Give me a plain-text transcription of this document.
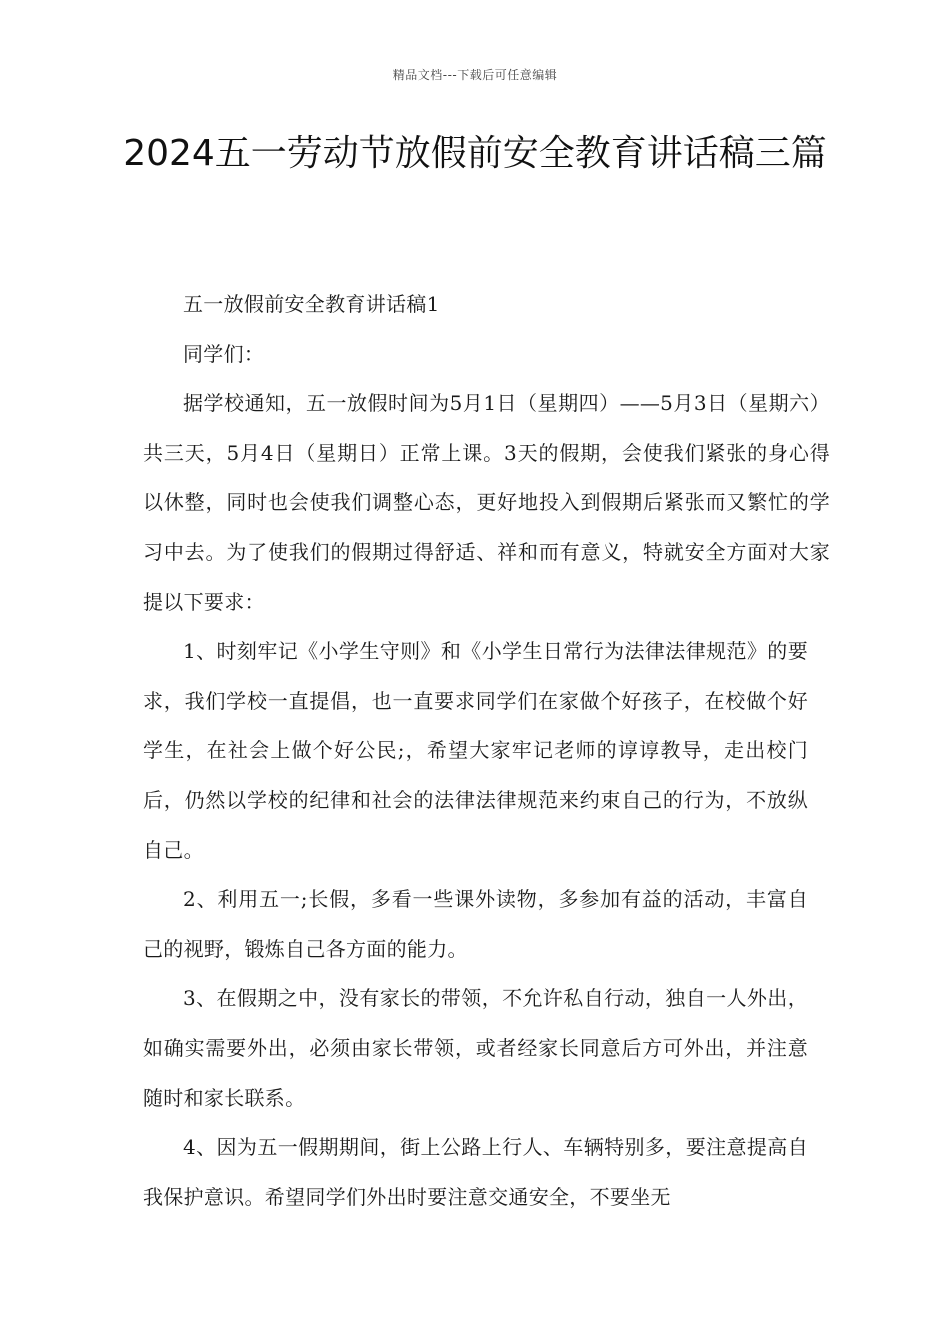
精品文档---下载后可任意编辑
2024五一劳动节放假前安全教育讲话稿三篇

五一放假前安全教育讲话稿1

同学们：

据学校通知，五一放假时间为5月1日（星期四）——5月3日（星期六）共三天，5月4日（星期日）正常上课。3天的假期，会使我们紧张的身心得以休整，同时也会使我们调整心态，更好地投入到假期后紧张而又繁忙的学习中去。为了使我们的假期过得舒适、祥和而有意义，特就安全方面对大家提以下要求：

1、时刻牢记《小学生守则》和《小学生日常行为法律法律规范》的要求，我们学校一直提倡，也一直要求同学们在家做个好孩子，在校做个好学生，在社会上做个好公民;，希望大家牢记老师的谆谆教导，走出校门后，仍然以学校的纪律和社会的法律法律规范来约束自己的行为，不放纵自己。

2、利用五一;长假，多看一些课外读物，多参加有益的活动，丰富自己的视野，锻炼自己各方面的能力。

3、在假期之中，没有家长的带领，不允许私自行动，独自一人外出，如确实需要外出，必须由家长带领，或者经家长同意后方可外出，并注意随时和家长联系。

4、因为五一假期期间，街上公路上行人、车辆特别多，要注意提高自我保护意识。希望同学们外出时要注意交通安全，不要坐无
